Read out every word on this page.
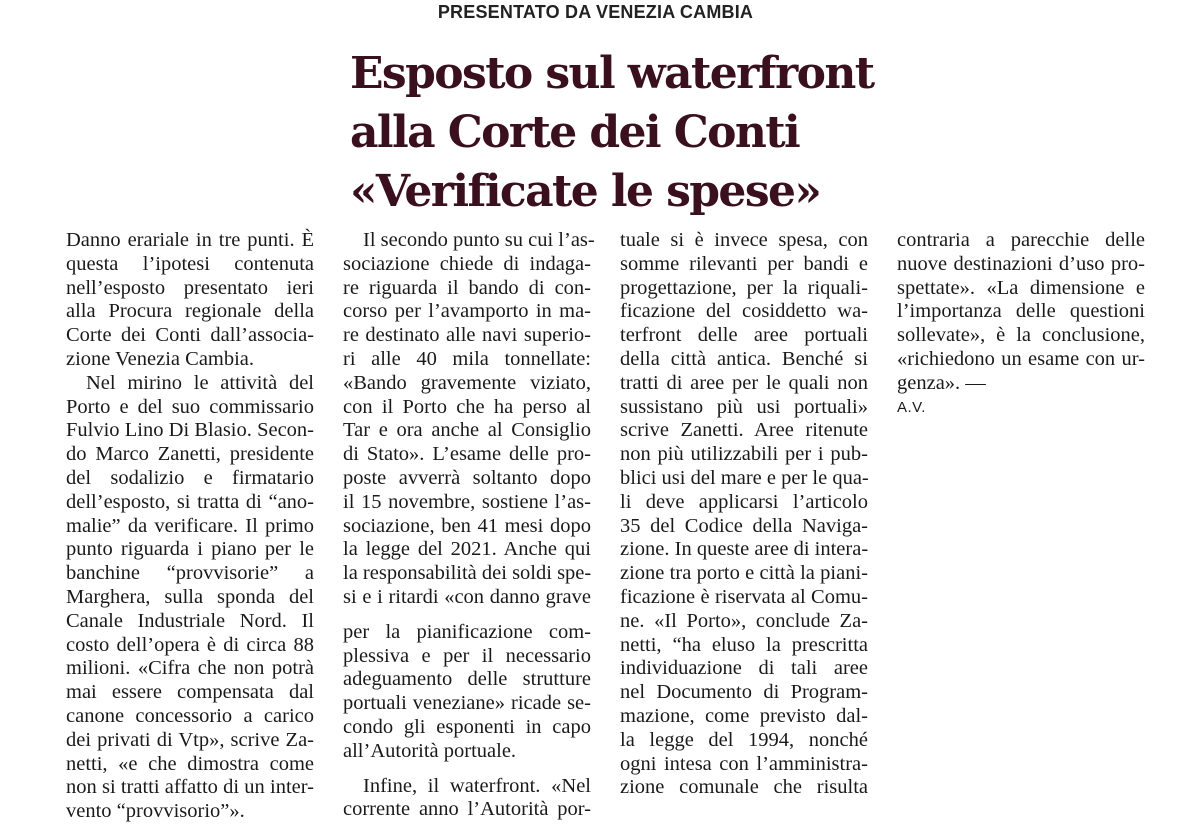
PRESENTATO DA VENEZIA CAMBIA
Esposto sul waterfront
alla Corte dei Conti
«Verificate le spese»
Danno erariale in tre punti. È
questa l’ipotesi contenuta
nell’esposto presentato ieri
alla Procura regionale della
Corte dei Conti dall’associa-
zione Venezia Cambia.
Nel mirino le attività del
Porto e del suo commissario
Fulvio Lino Di Blasio. Secon-
do Marco Zanetti, presidente
del sodalizio e firmatario
dell’esposto, si tratta di “ano-
malie” da verificare. Il primo
punto riguarda i piano per le
banchine “provvisorie” a
Marghera, sulla sponda del
Canale Industriale Nord. Il
costo dell’opera è di circa 88
milioni. «Cifra che non potrà
mai essere compensata dal
canone concessorio a carico
dei privati di Vtp», scrive Za-
netti, «e che dimostra come
non si tratti affatto di un inter-
vento “provvisorio”».
Il secondo punto su cui l’as-
sociazione chiede di indaga-
re riguarda il bando di con-
corso per l’avamporto in ma-
re destinato alle navi superio-
ri alle 40 mila tonnellate:
«Bando gravemente viziato,
con il Porto che ha perso al
Tar e ora anche al Consiglio
di Stato». L’esame delle pro-
poste avverrà soltanto dopo
il 15 novembre, sostiene l’as-
sociazione, ben 41 mesi dopo
la legge del 2021. Anche qui
la responsabilità dei soldi spe-
si e i ritardi «con danno grave
per la pianificazione com-
plessiva e per il necessario
adeguamento delle strutture
portuali veneziane» ricade se-
condo gli esponenti in capo
all’Autorità portuale.
Infine, il waterfront. «Nel
corrente anno l’Autorità por-
tuale si è invece spesa, con
somme rilevanti per bandi e
progettazione, per la riquali-
ficazione del cosiddetto wa-
terfront delle aree portuali
della città antica. Benché si
tratti di aree per le quali non
sussistano più usi portuali»
scrive Zanetti. Aree ritenute
non più utilizzabili per i pub-
blici usi del mare e per le qua-
li deve applicarsi l’articolo
35 del Codice della Naviga-
zione. In queste aree di intera-
zione tra porto e città la piani-
ficazione è riservata al Comu-
ne. «Il Porto», conclude Za-
netti, “ha eluso la prescritta
individuazione di tali aree
nel Documento di Program-
mazione, come previsto dal-
la legge del 1994, nonché
ogni intesa con l’amministra-
zione comunale che risulta
contraria a parecchie delle
nuove destinazioni d’uso pro-
spettate». «La dimensione e
l’importanza delle questioni
sollevate», è la conclusione,
«richiedono un esame con ur-
genza». —
A.V.
